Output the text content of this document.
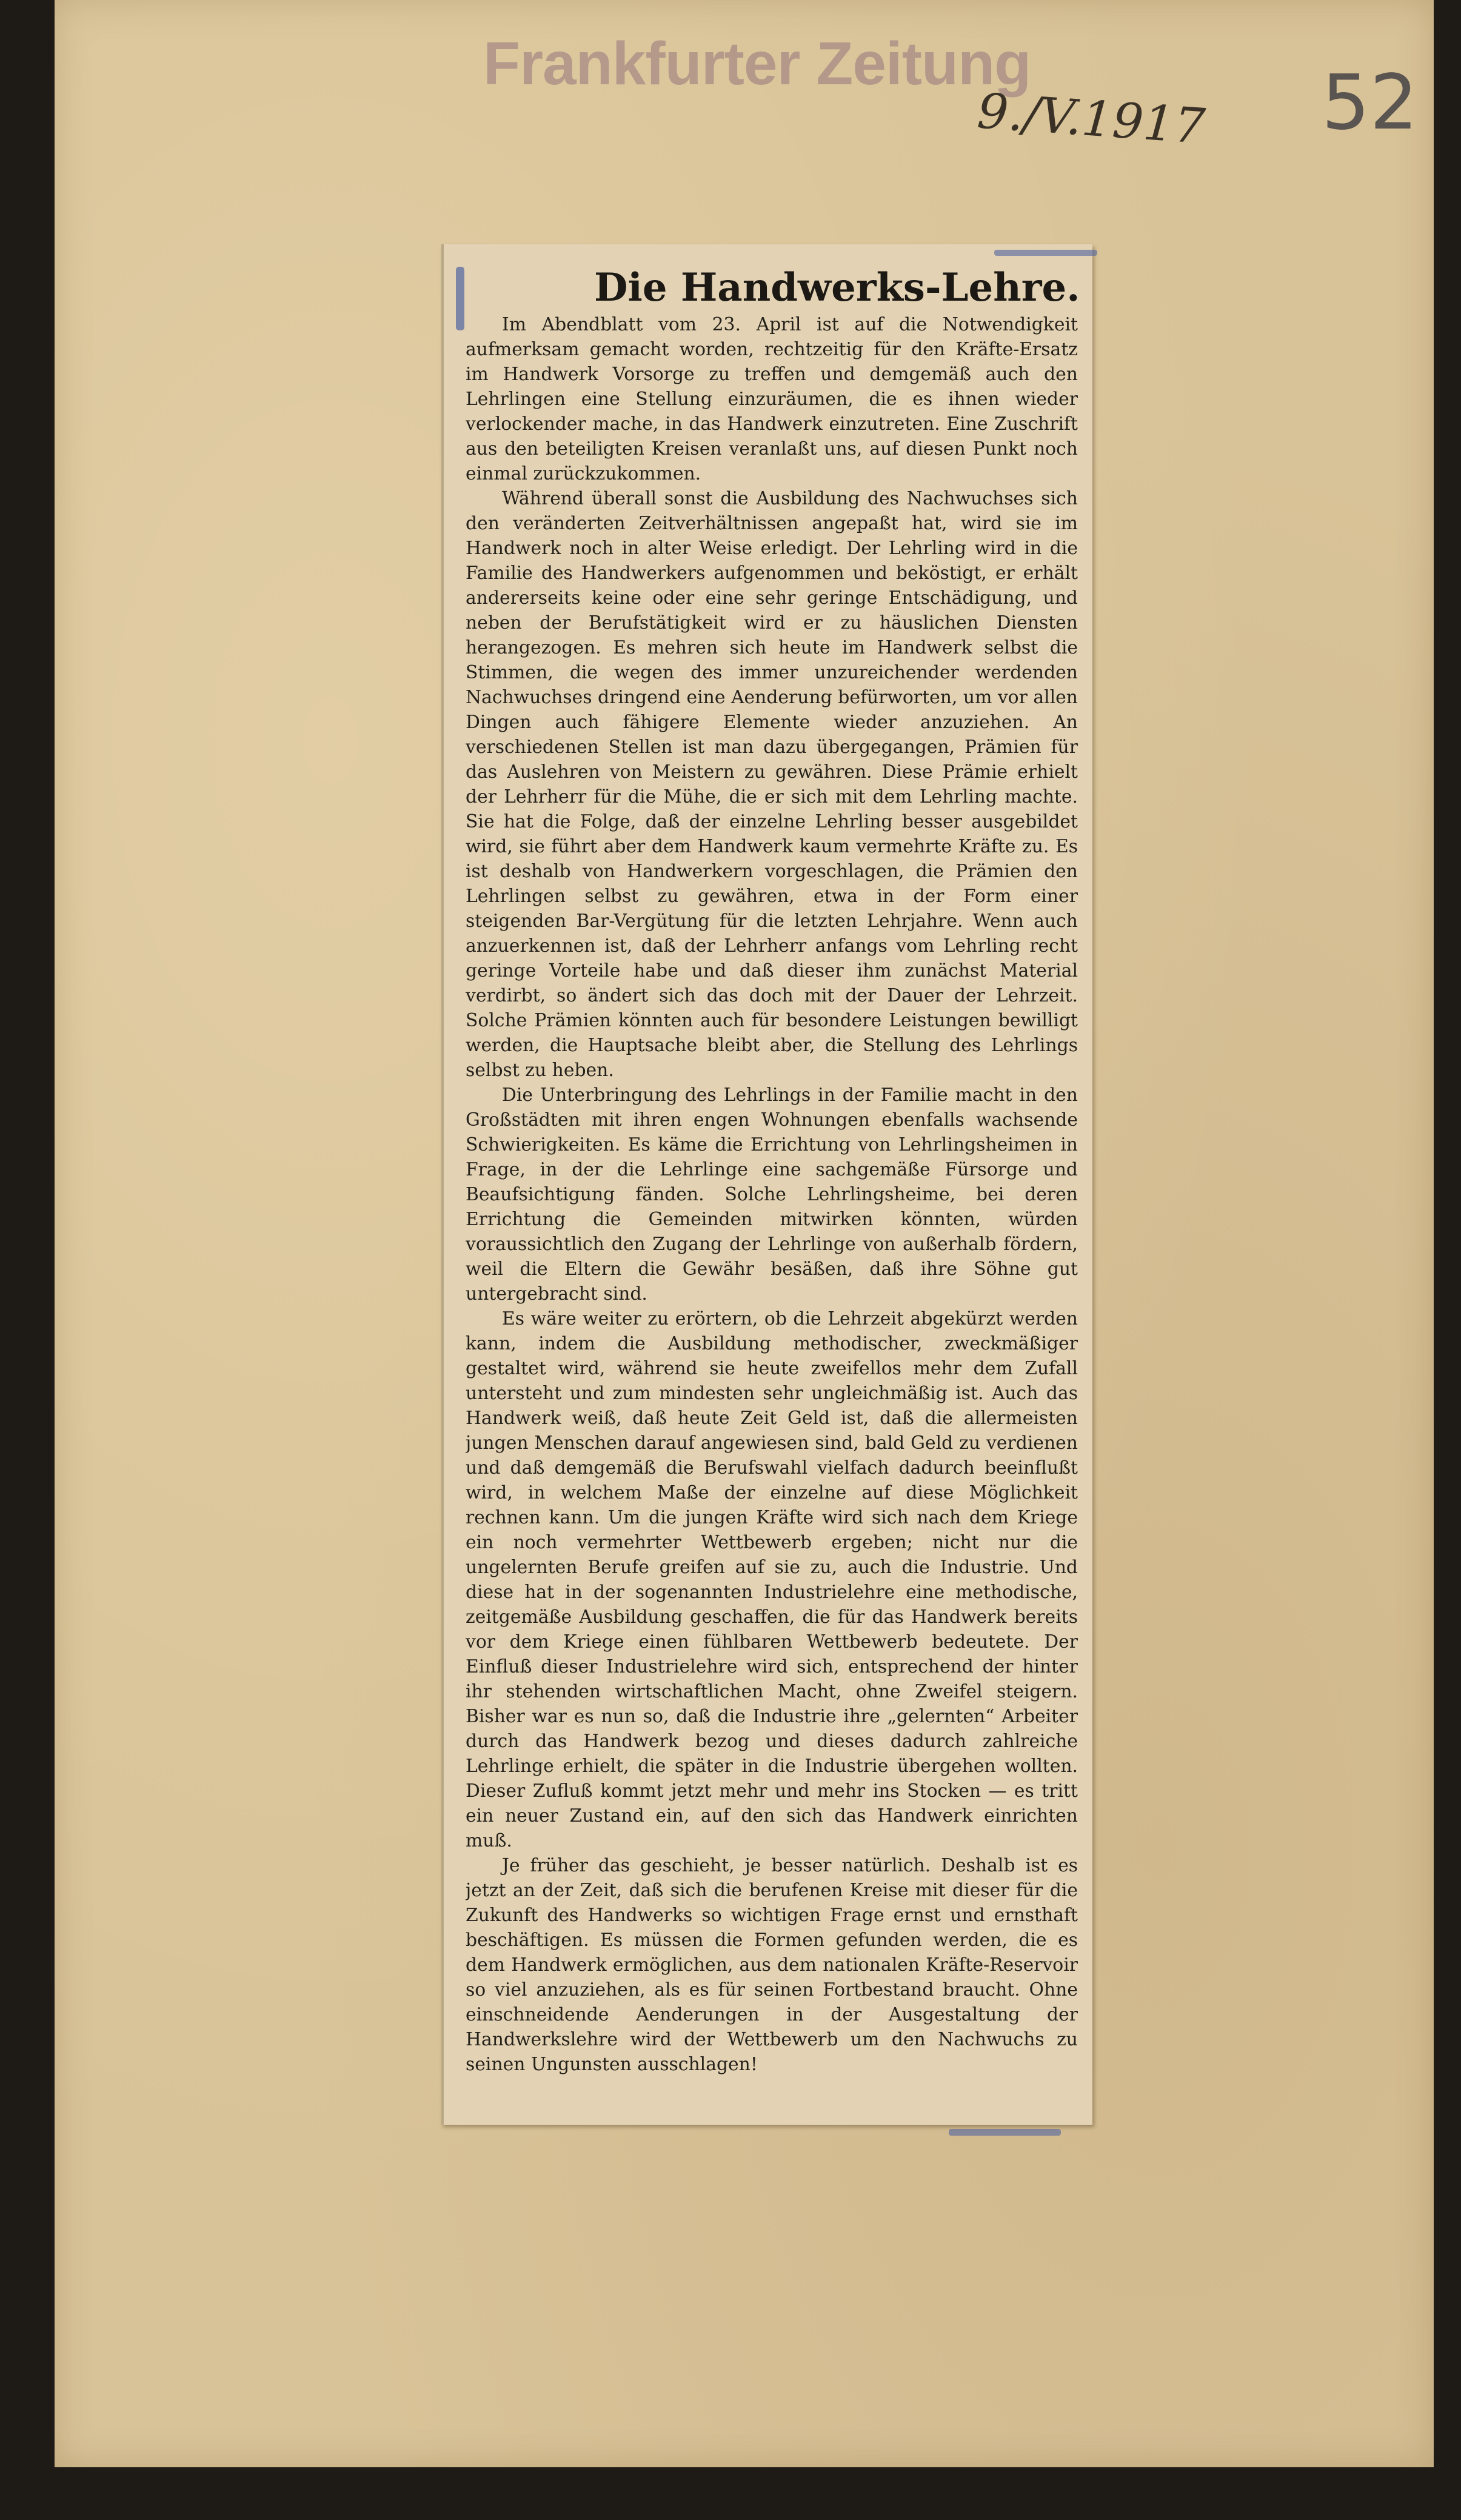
Frankfurter Zeitung
9./V.1917 52
Die Handwerks-Lehre.

Im Abendblatt vom 23. April ist auf die Notwendigkeit aufmerksam gemacht worden, rechtzeitig für den Kräfte-Ersatz im Handwerk Vorsorge zu treffen und demgemäß auch den Lehrlingen eine Stellung einzuräumen, die es ihnen wieder verlockender mache, in das Handwerk einzutreten. Eine Zuschrift aus den beteiligten Kreisen veranlaßt uns, auf diesen Punkt noch einmal zurückzukommen.

Während überall sonst die Ausbildung des Nachwuchses sich den veränderten Zeitverhältnissen angepaßt hat, wird sie im Handwerk noch in alter Weise erledigt. Der Lehrling wird in die Familie des Handwerkers aufgenommen und beköstigt, er erhält andererseits keine oder eine sehr geringe Entschädigung, und neben der Berufstätigkeit wird er zu häuslichen Diensten herangezogen. Es mehren sich heute im Handwerk selbst die Stimmen, die wegen des immer unzureichender werdenden Nachwuchses dringend eine Aenderung befürworten, um vor allen Dingen auch fähigere Elemente wieder anzuziehen. An verschiedenen Stellen ist man dazu übergegangen, Prämien für das Auslehren von Meistern zu gewähren. Diese Prämie erhielt der Lehrherr für die Mühe, die er sich mit dem Lehrling machte. Sie hat die Folge, daß der einzelne Lehrling besser ausgebildet wird, sie führt aber dem Handwerk kaum vermehrte Kräfte zu. Es ist deshalb von Handwerkern vorgeschlagen, die Prämien den Lehrlingen selbst zu gewähren, etwa in der Form einer steigenden Bar-Vergütung für die letzten Lehrjahre. Wenn auch anzuerkennen ist, daß der Lehrherr anfangs vom Lehrling recht geringe Vorteile habe und daß dieser ihm zunächst Material verdirbt, so ändert sich das doch mit der Dauer der Lehrzeit. Solche Prämien könnten auch für besondere Leistungen bewilligt werden, die Hauptsache bleibt aber, die Stellung des Lehrlings selbst zu heben.

Die Unterbringung des Lehrlings in der Familie macht in den Großstädten mit ihren engen Wohnungen ebenfalls wachsende Schwierigkeiten. Es käme die Errichtung von Lehrlingsheimen in Frage, in der die Lehrlinge eine sachgemäße Fürsorge und Beaufsichtigung fänden. Solche Lehrlingsheime, bei deren Errichtung die Gemeinden mitwirken könnten, würden voraussichtlich den Zugang der Lehrlinge von außerhalb fördern, weil die Eltern die Gewähr besäßen, daß ihre Söhne gut untergebracht sind.

Es wäre weiter zu erörtern, ob die Lehrzeit abgekürzt werden kann, indem die Ausbildung methodischer, zweckmäßiger gestaltet wird, während sie heute zweifellos mehr dem Zufall untersteht und zum mindesten sehr ungleichmäßig ist. Auch das Handwerk weiß, daß heute Zeit Geld ist, daß die allermeisten jungen Menschen darauf angewiesen sind, bald Geld zu verdienen und daß demgemäß die Berufswahl vielfach dadurch beeinflußt wird, in welchem Maße der einzelne auf diese Möglichkeit rechnen kann. Um die jungen Kräfte wird sich nach dem Kriege ein noch vermehrter Wettbewerb ergeben; nicht nur die ungelernten Berufe greifen auf sie zu, auch die Industrie. Und diese hat in der sogenannten Industrielehre eine methodische, zeitgemäße Ausbildung geschaffen, die für das Handwerk bereits vor dem Kriege einen fühlbaren Wettbewerb bedeutete. Der Einfluß dieser Industrielehre wird sich, entsprechend der hinter ihr stehenden wirtschaftlichen Macht, ohne Zweifel steigern. Bisher war es nun so, daß die Industrie ihre „gelernten“ Arbeiter durch das Handwerk bezog und dieses dadurch zahlreiche Lehrlinge erhielt, die später in die Industrie übergehen wollten. Dieser Zufluß kommt jetzt mehr und mehr ins Stocken — es tritt ein neuer Zustand ein, auf den sich das Handwerk einrichten muß.

Je früher das geschieht, je besser natürlich. Deshalb ist es jetzt an der Zeit, daß sich die berufenen Kreise mit dieser für die Zukunft des Handwerks so wichtigen Frage ernst und ernsthaft beschäftigen. Es müssen die Formen gefunden werden, die es dem Handwerk ermöglichen, aus dem nationalen Kräfte-Reservoir so viel anzuziehen, als es für seinen Fortbestand braucht. Ohne einschneidende Aenderungen in der Ausgestaltung der Handwerkslehre wird der Wettbewerb um den Nachwuchs zu seinen Ungunsten ausschlagen!
